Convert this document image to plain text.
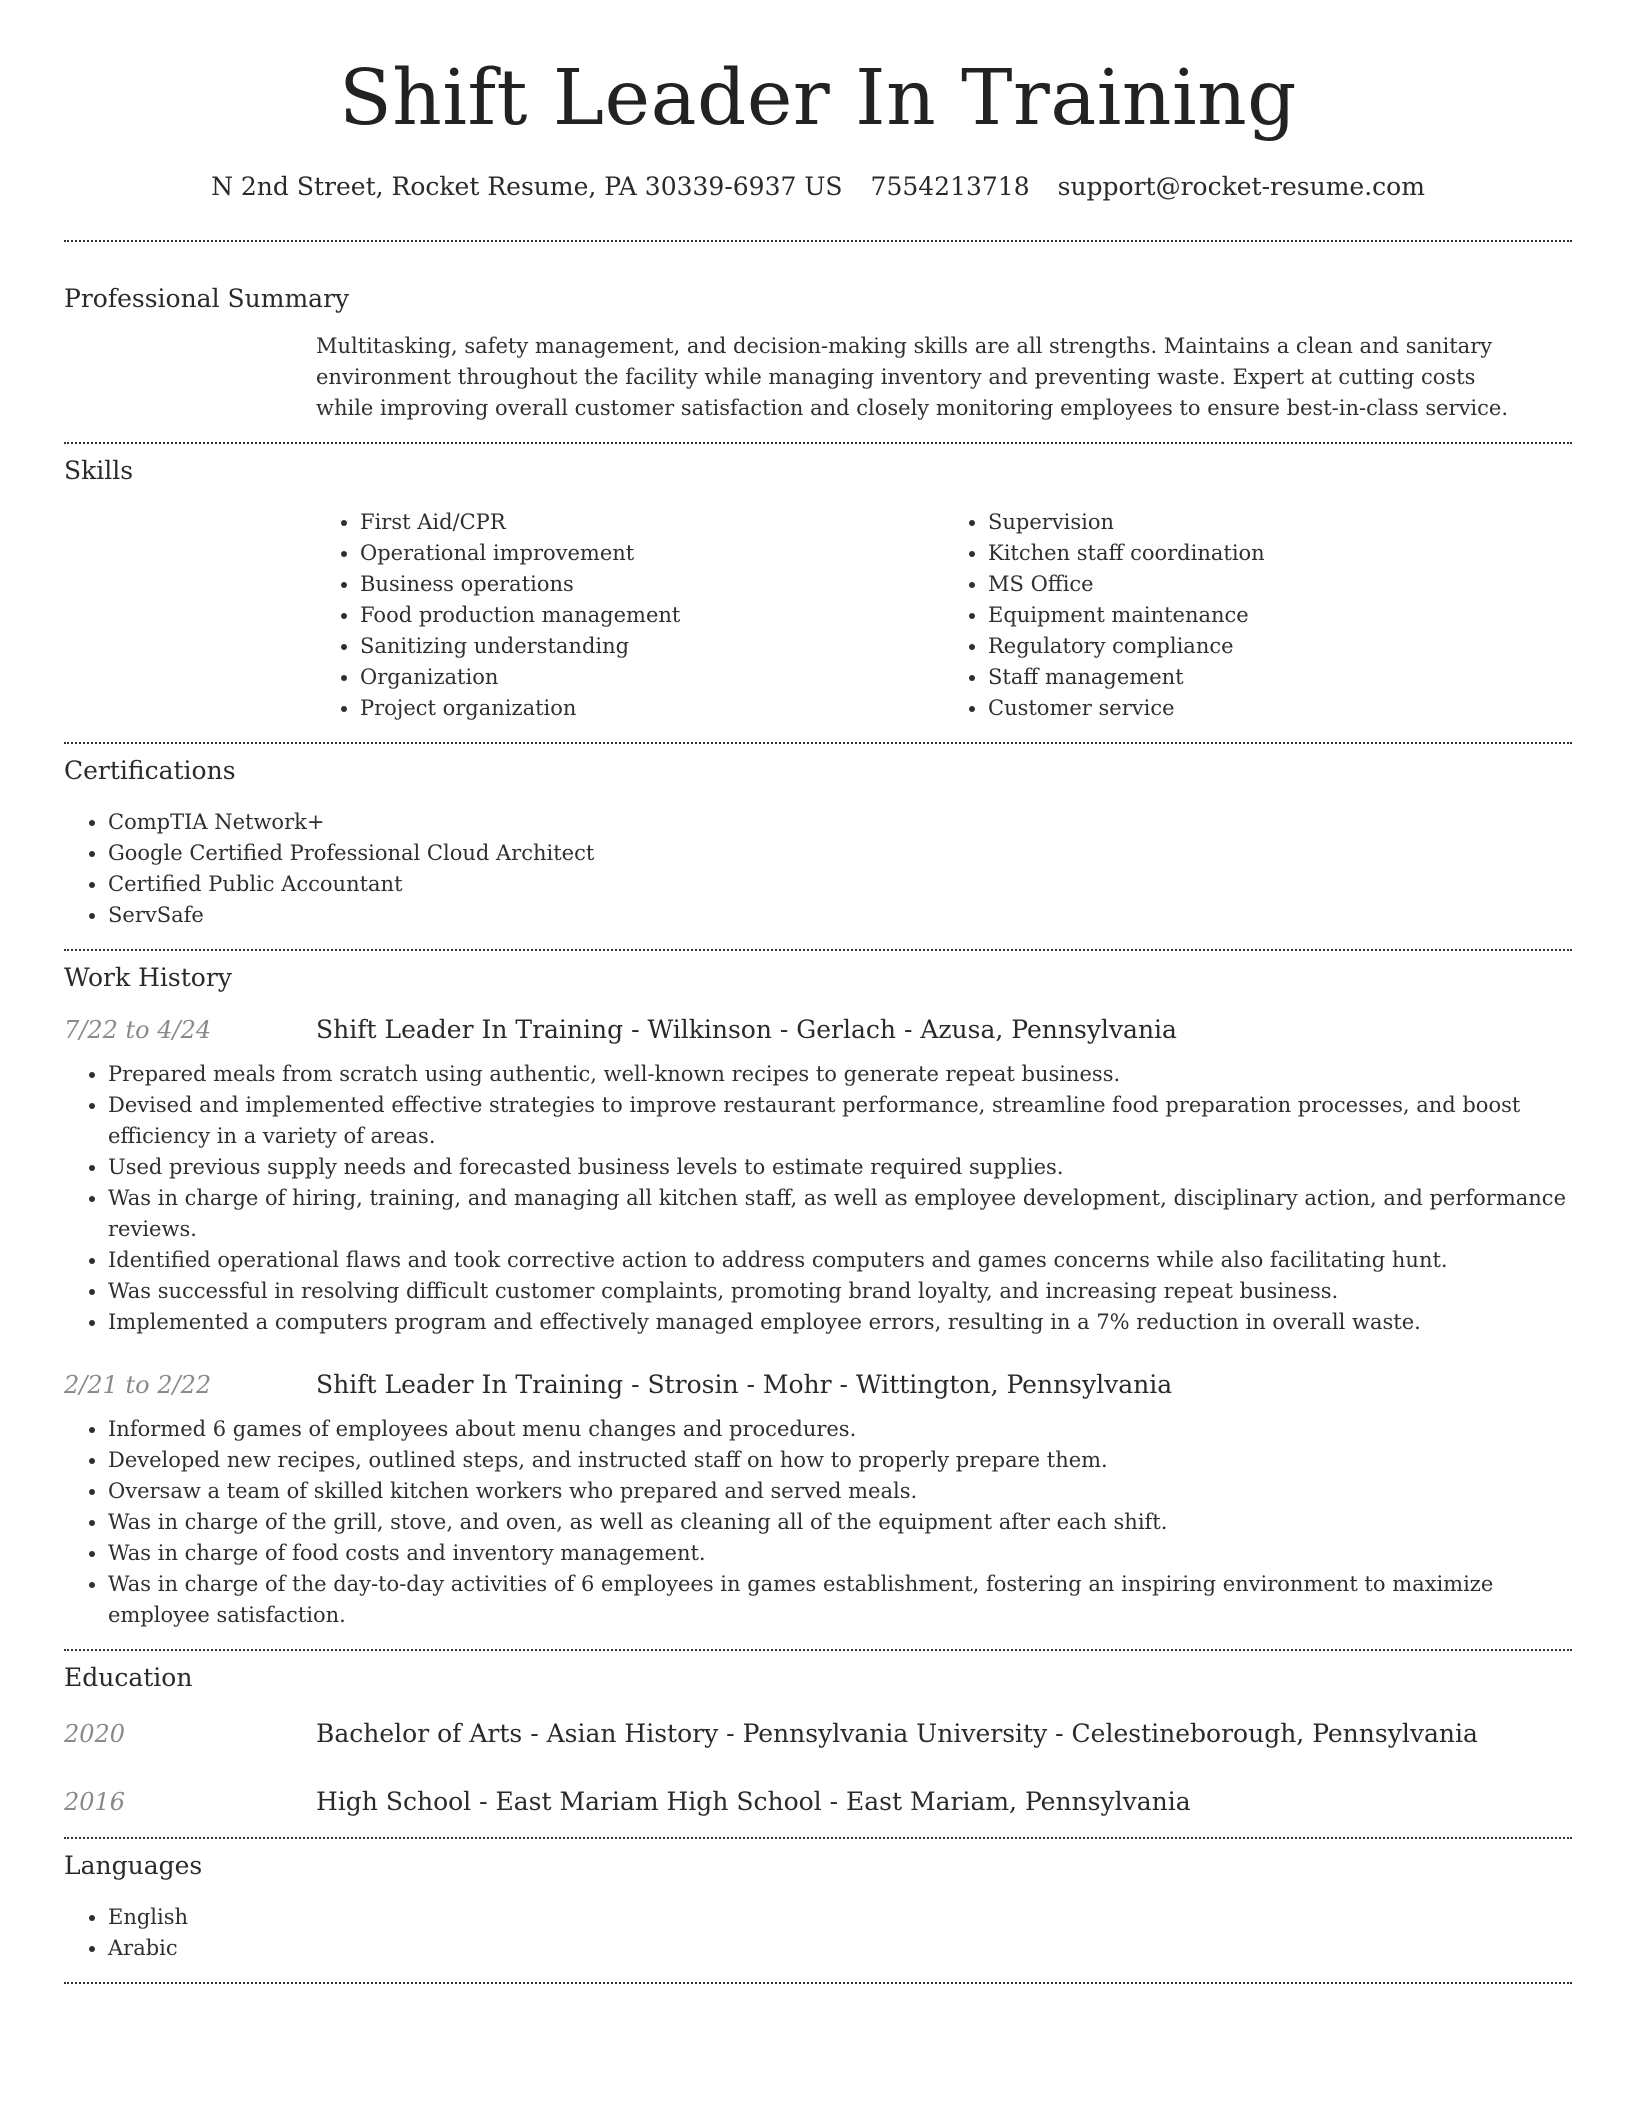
Shift Leader In Training
N 2nd Street, Rocket Resume, PA 30339-6937 US 7554213718 support@rocket-resume.com
Professional Summary
Multitasking, safety management, and decision-making skills are all strengths. Maintains a clean and sanitary environment throughout the facility while managing inventory and preventing waste. Expert at cutting costs while improving overall customer satisfaction and closely monitoring employees to ensure best-in-class service.
Skills
• First Aid/CPR
• Operational improvement
• Business operations
• Food production management
• Sanitizing understanding
• Organization
• Project organization
• Supervision
• Kitchen staff coordination
• MS Office
• Equipment maintenance
• Regulatory compliance
• Staff management
• Customer service
Certifications
• CompTIA Network+
• Google Certified Professional Cloud Architect
• Certified Public Accountant
• ServSafe
Work History
7/22 to 4/24	Shift Leader In Training - Wilkinson - Gerlach - Azusa, Pennsylvania
• Prepared meals from scratch using authentic, well-known recipes to generate repeat business.
• Devised and implemented effective strategies to improve restaurant performance, streamline food preparation processes, and boost efficiency in a variety of areas.
• Used previous supply needs and forecasted business levels to estimate required supplies.
• Was in charge of hiring, training, and managing all kitchen staff, as well as employee development, disciplinary action, and performance reviews.
• Identified operational flaws and took corrective action to address computers and games concerns while also facilitating hunt.
• Was successful in resolving difficult customer complaints, promoting brand loyalty, and increasing repeat business.
• Implemented a computers program and effectively managed employee errors, resulting in a 7% reduction in overall waste.
2/21 to 2/22	Shift Leader In Training - Strosin - Mohr - Wittington, Pennsylvania
• Informed 6 games of employees about menu changes and procedures.
• Developed new recipes, outlined steps, and instructed staff on how to properly prepare them.
• Oversaw a team of skilled kitchen workers who prepared and served meals.
• Was in charge of the grill, stove, and oven, as well as cleaning all of the equipment after each shift.
• Was in charge of food costs and inventory management.
• Was in charge of the day-to-day activities of 6 employees in games establishment, fostering an inspiring environment to maximize employee satisfaction.
Education
2020	Bachelor of Arts - Asian History - Pennsylvania University - Celestineborough, Pennsylvania
2016	High School - East Mariam High School - East Mariam, Pennsylvania
Languages
• English
• Arabic
